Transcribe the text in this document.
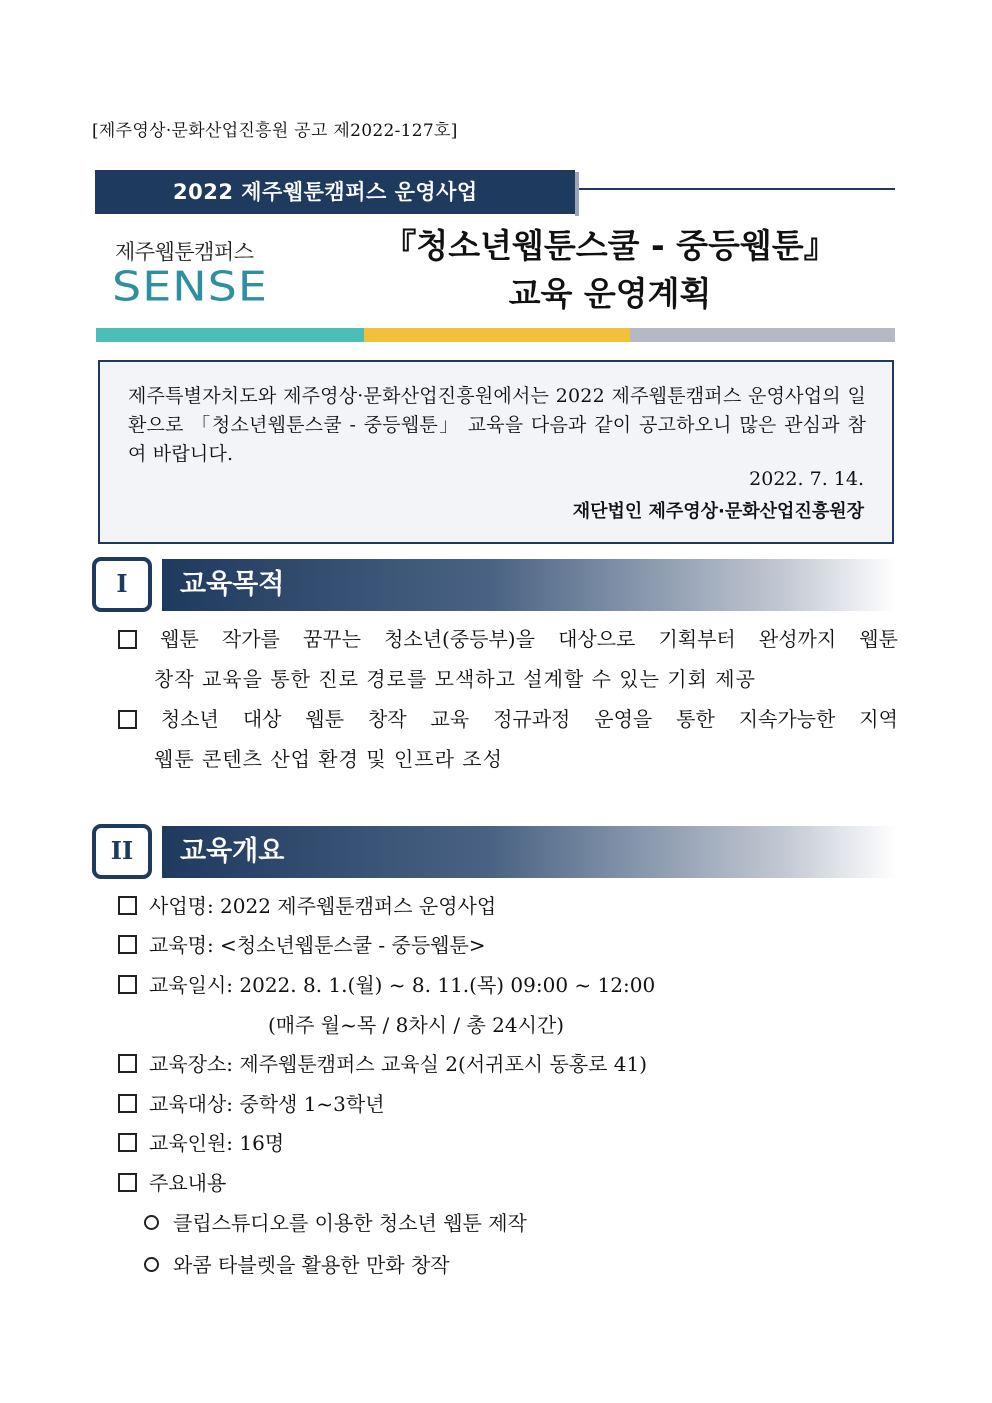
[제주영상·문화산업진흥원 공고 제2022-127호]
2022 제주웹툰캠퍼스 운영사업
제주웹툰캠퍼스
SENSE
『청소년웹툰스쿨 - 중등웹툰』
교육 운영계획
제주특별자치도와 제주영상·문화산업진흥원에서는 2022 제주웹툰캠퍼스 운영사업의 일환으로 「청소년웹툰스쿨 - 중등웹툰」 교육을 다음과 같이 공고하오니 많은 관심과 참여 바랍니다.
2022. 7. 14.
재단법인 제주영상·문화산업진흥원장
I	교육목적
웹툰 작가를 꿈꾸는 청소년(중등부)을 대상으로 기획부터 완성까지 웹툰
창작 교육을 통한 진로 경로를 모색하고 설계할 수 있는 기회 제공
청소년 대상 웹툰 창작 교육 정규과정 운영을 통한 지속가능한 지역
웹툰 콘텐츠 산업 환경 및 인프라 조성
II	교육개요
사업명: 2022 제주웹툰캠퍼스 운영사업
교육명: <청소년웹툰스쿨 - 중등웹툰>
교육일시: 2022. 8. 1.(월) ~ 8. 11.(목) 09:00 ~ 12:00
(매주 월~목 / 8차시 / 총 24시간)
교육장소: 제주웹툰캠퍼스 교육실 2(서귀포시 동홍로 41)
교육대상: 중학생 1~3학년
교육인원: 16명
주요내용
클립스튜디오를 이용한 청소년 웹툰 제작
와콤 타블렛을 활용한 만화 창작
